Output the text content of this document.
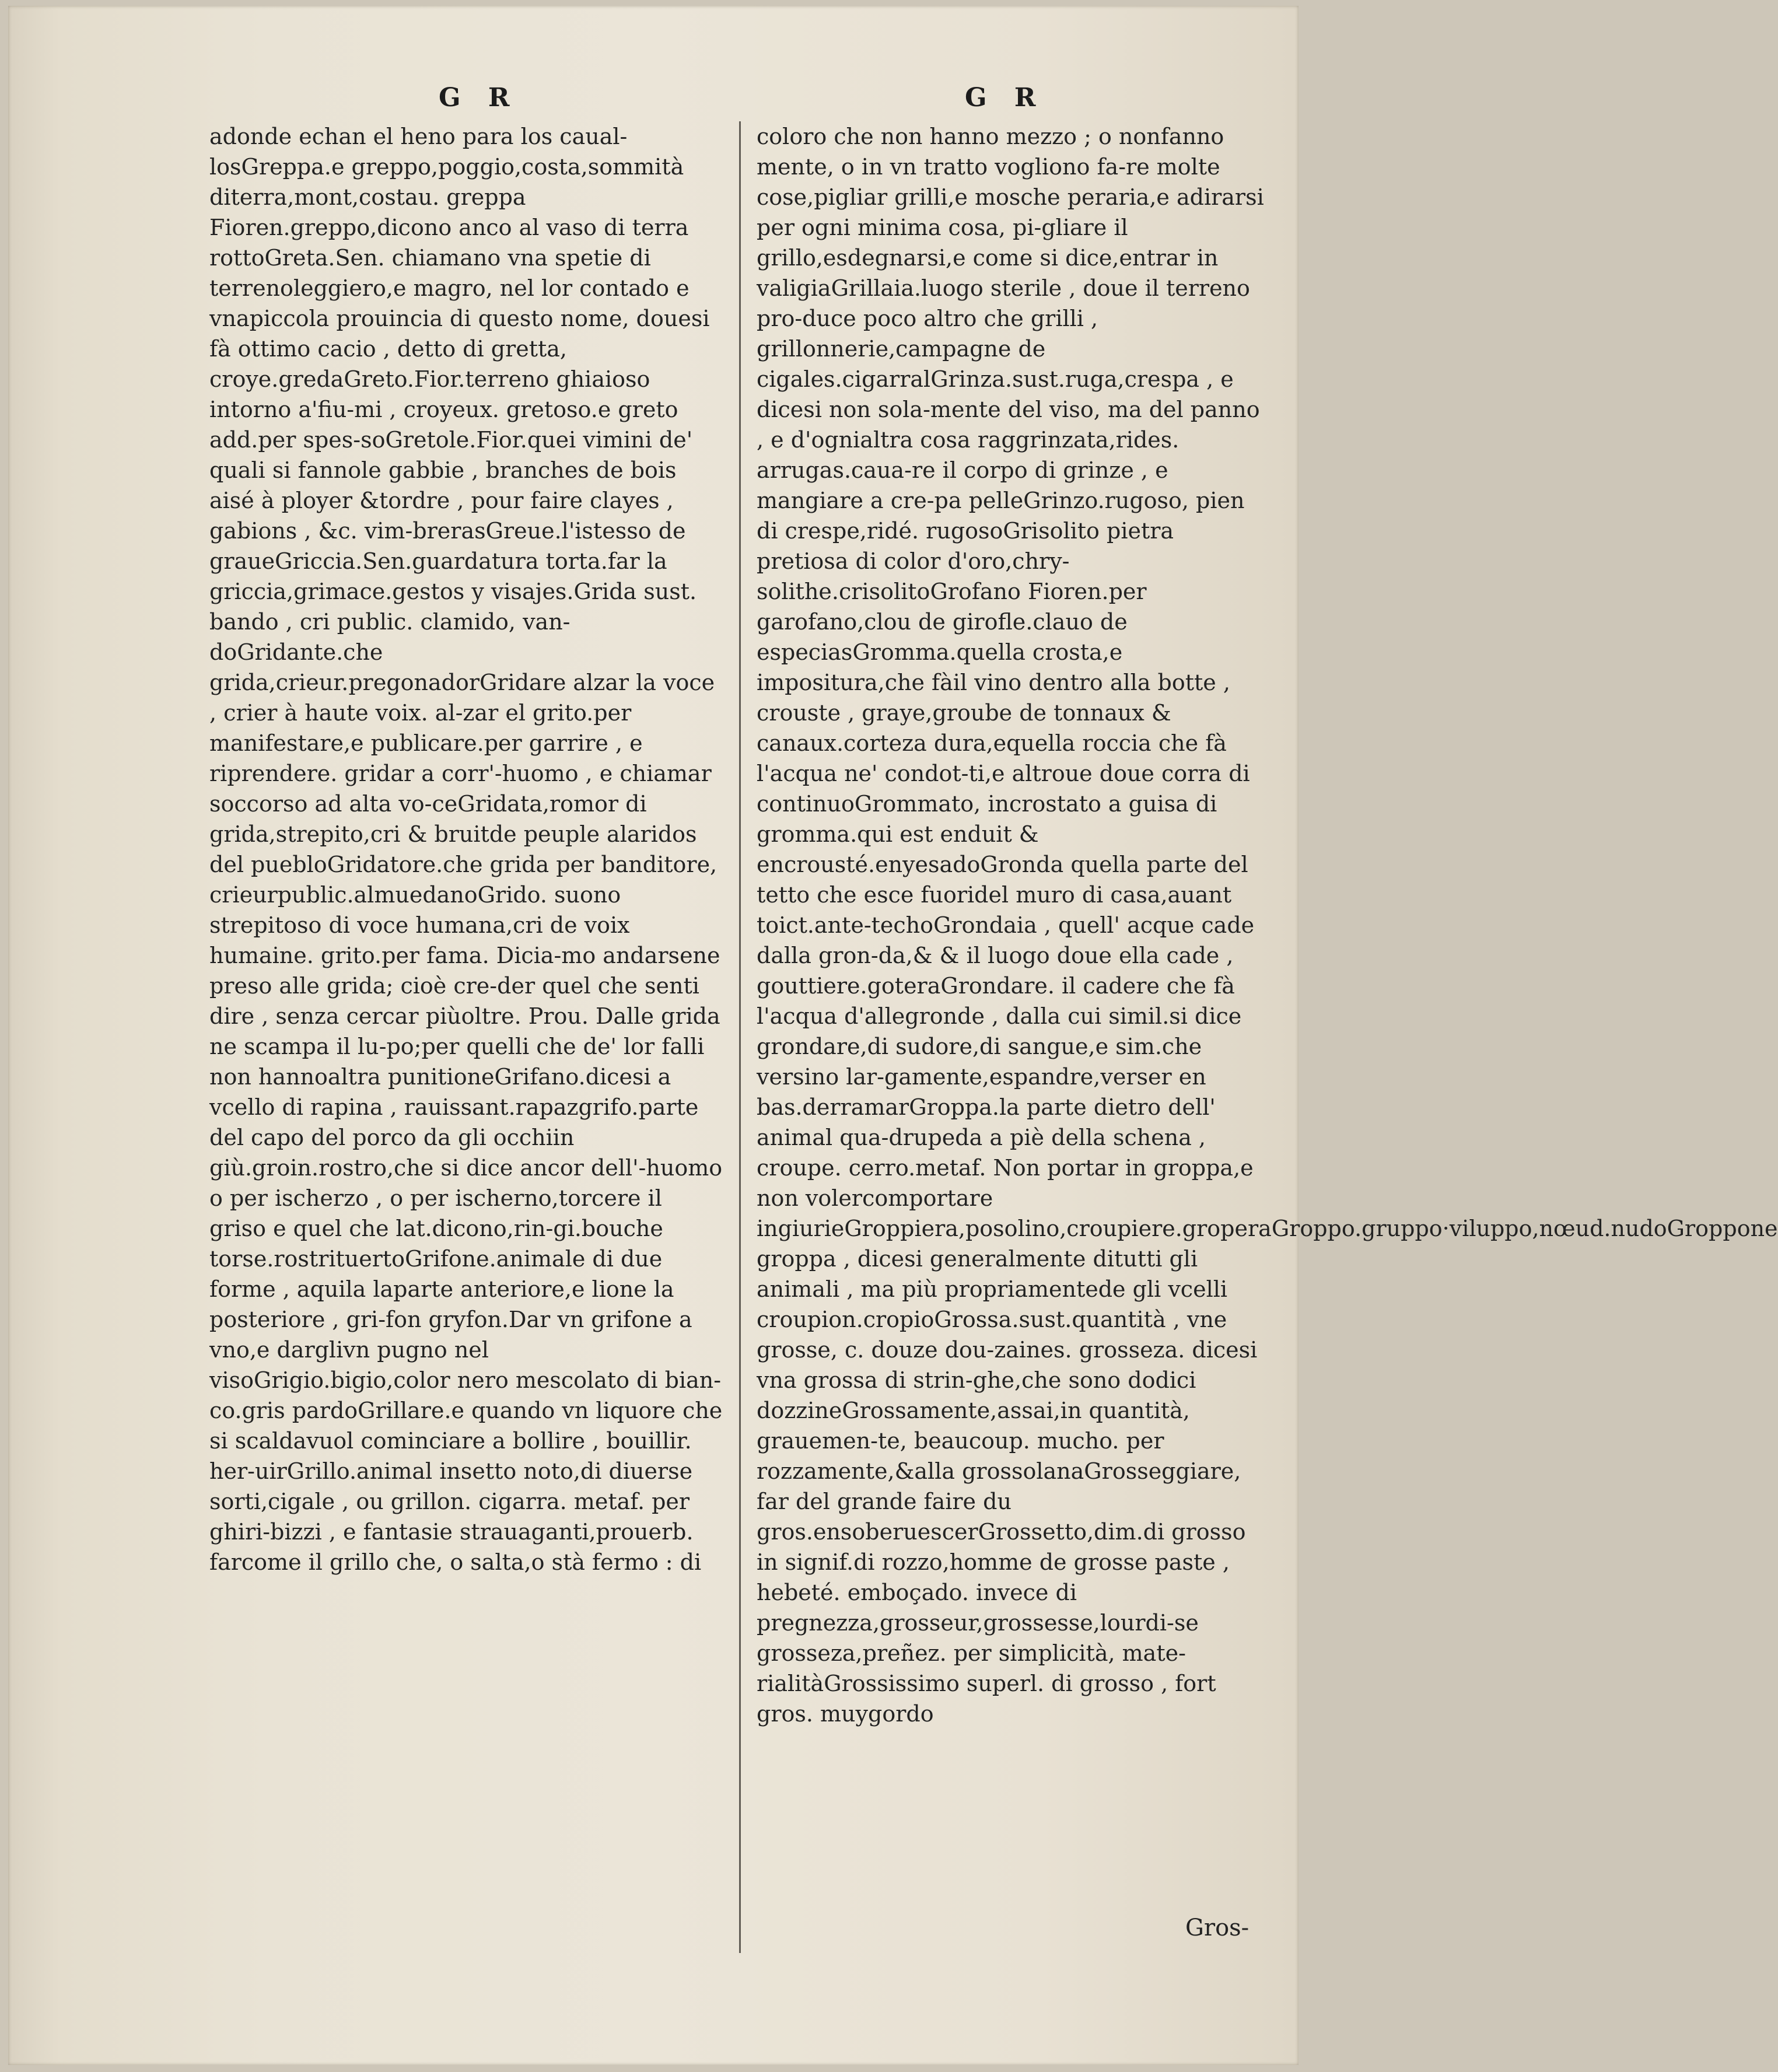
G R	G R
adonde echan el heno para los caual-losGreppa.e greppo,poggio,costa,sommità diterra,mont,costau. greppa Fioren.greppo,dicono anco al vaso di terra rottoGreta.Sen. chiamano vna spetie di terrenoleggiero,e magro, nel lor contado e vnapiccola prouincia di questo nome, douesi fà ottimo cacio , detto di gretta, croye.gredaGreto.Fior.terreno ghiaioso intorno a'fiu-mi , croyeux. gretoso.e greto add.per spes-soGretole.Fior.quei vimini de' quali si fannole gabbie , branches de bois aisé à ployer &tordre , pour faire clayes , gabions , &c. vim-brerasGreue.l'istesso de graueGriccia.Sen.guardatura torta.far la griccia,grimace.gestos y visajes.Grida sust. bando , cri public. clamido, van-doGridante.che grida,crieur.pregonadorGridare alzar la voce , crier à haute voix. al-zar el grito.per manifestare,e publicare.per garrire , e riprendere. gridar a corr'-huomo , e chiamar soccorso ad alta vo-ceGridata,romor di grida,strepito,cri & bruitde peuple alaridos del puebloGridatore.che grida per banditore, crieurpublic.almuedanoGrido. suono strepitoso di voce humana,cri de voix humaine. grito.per fama. Dicia-mo andarsene preso alle grida; cioè cre-der quel che senti dire , senza cercar piùoltre. Prou. Dalle grida ne scampa il lu-po;per quelli che de' lor falli non hannoaltra punitioneGrifano.dicesi a vcello di rapina , rauissant.rapazgrifo.parte del capo del porco da gli occhiin giù.groin.rostro,che si dice ancor dell'-huomo o per ischerzo , o per ischerno,torcere il griso e quel che lat.dicono,rin-gi.bouche torse.rostrituertoGrifone.animale di due forme , aquila laparte anteriore,e lione la posteriore , gri-fon gryfon.Dar vn grifone a vno,e darglivn pugno nel visoGrigio.bigio,color nero mescolato di bian-co.gris pardoGrillare.e quando vn liquore che si scaldavuol cominciare a bollire , bouillir. her-uirGrillo.animal insetto noto,di diuerse sorti,cigale , ou grillon. cigarra. metaf. per ghiri-bizzi , e fantasie strauaganti,prouerb. farcome il grillo che, o salta,o stà fermo : di
coloro che non hanno mezzo ; o nonfanno mente, o in vn tratto vogliono fa-re molte cose,pigliar grilli,e mosche peraria,e adirarsi per ogni minima cosa, pi-gliare il grillo,esdegnarsi,e come si dice,entrar in valigiaGrillaia.luogo sterile , doue il terreno pro-duce poco altro che grilli , grillonnerie,campagne de cigales.cigarralGrinza.sust.ruga,crespa , e dicesi non sola-mente del viso, ma del panno , e d'ognialtra cosa raggrinzata,rides. arrugas.caua-re il corpo di grinze , e mangiare a cre-pa pelleGrinzo.rugoso, pien di crespe,ridé. rugosoGrisolito pietra pretiosa di color d'oro,chry-solithe.crisolitoGrofano Fioren.per garofano,clou de girofle.clauo de especiasGromma.quella crosta,e impositura,che fàil vino dentro alla botte , crouste , graye,groube de tonnaux & canaux.corteza dura,equella roccia che fà l'acqua ne' condot-ti,e altroue doue corra di continuoGrommato, incrostato a guisa di gromma.qui est enduit & encrousté.enyesadoGronda quella parte del tetto che esce fuoridel muro di casa,auant toict.ante-techoGrondaia , quell' acque cade dalla gron-da,& & il luogo doue ella cade , gouttiere.goteraGrondare. il cadere che fà l'acqua d'allegronde , dalla cui simil.si dice grondare,di sudore,di sangue,e sim.che versino lar-gamente,espandre,verser en bas.derramarGroppa.la parte dietro dell' animal qua-drupeda a piè della schena , croupe. cerro.metaf. Non portar in groppa,e non volercomportare ingiurieGroppiera,posolino,croupiere.groperaGroppo.gruppo·viluppo,nœud.nudoGroppone groppa , dicesi generalmente ditutti gli animali , ma più propriamentede gli vcelli croupion.cropioGrossa.sust.quantità , vne grosse, c. douze dou-zaines. grosseza. dicesi vna grossa di strin-ghe,che sono dodici dozzineGrossamente,assai,in quantità, grauemen-te, beaucoup. mucho. per rozzamente,&alla grossolanaGrosseggiare, far del grande faire du gros.ensoberuescerGrossetto,dim.di grosso in signif.di rozzo,homme de grosse paste , hebeté. emboçado. invece di pregnezza,grosseur,grossesse,lourdi-se grosseza,preñez. per simplicità, mate-rialitàGrossissimo superl. di grosso , fort gros. muygordo
Gros-
